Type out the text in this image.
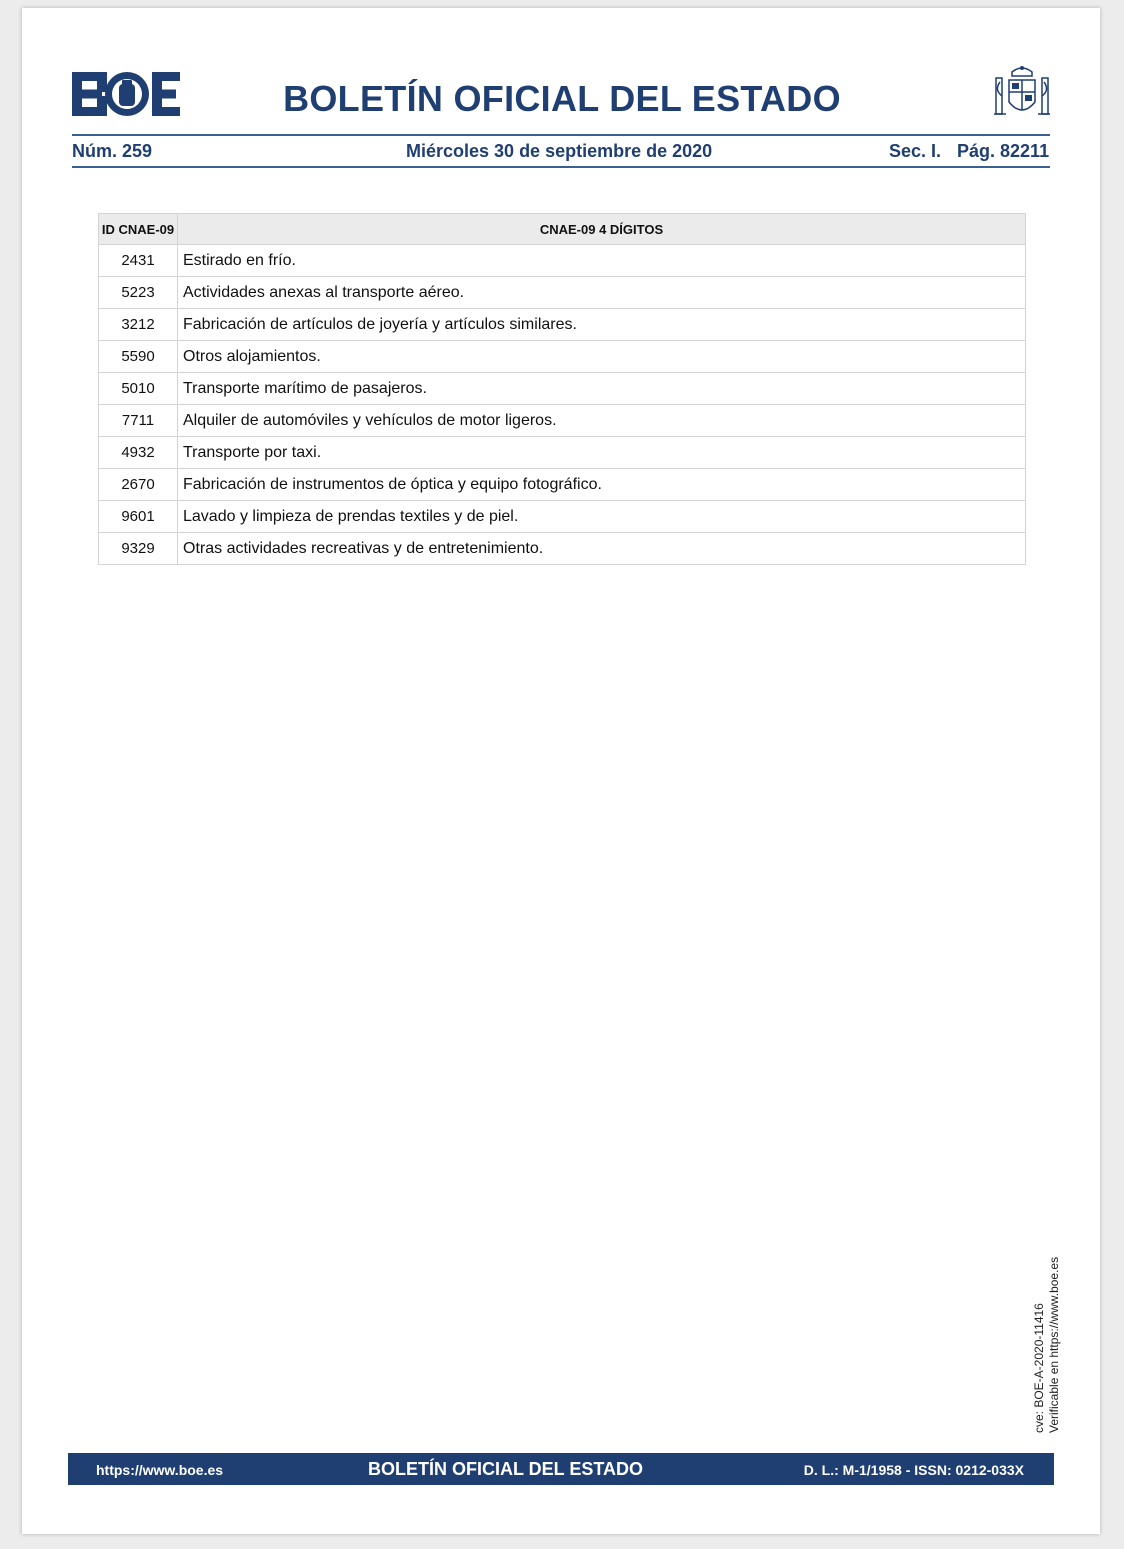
BOLETÍN OFICIAL DEL ESTADO
Núm. 259	Miércoles 30 de septiembre de 2020	Sec. I. Pág. 82211
ID CNAE-09	CNAE-09 4 DÍGITOS
2431	Estirado en frío.
5223	Actividades anexas al transporte aéreo.
3212	Fabricación de artículos de joyería y artículos similares.
5590	Otros alojamientos.
5010	Transporte marítimo de pasajeros.
7711	Alquiler de automóviles y vehículos de motor ligeros.
4932	Transporte por taxi.
2670	Fabricación de instrumentos de óptica y equipo fotográfico.
9601	Lavado y limpieza de prendas textiles y de piel.
9329	Otras actividades recreativas y de entretenimiento.
cve: BOE-A-2020-11416 Verificable en https://www.boe.es
https://www.boe.es	BOLETÍN OFICIAL DEL ESTADO	D. L.: M-1/1958 - ISSN: 0212-033X
